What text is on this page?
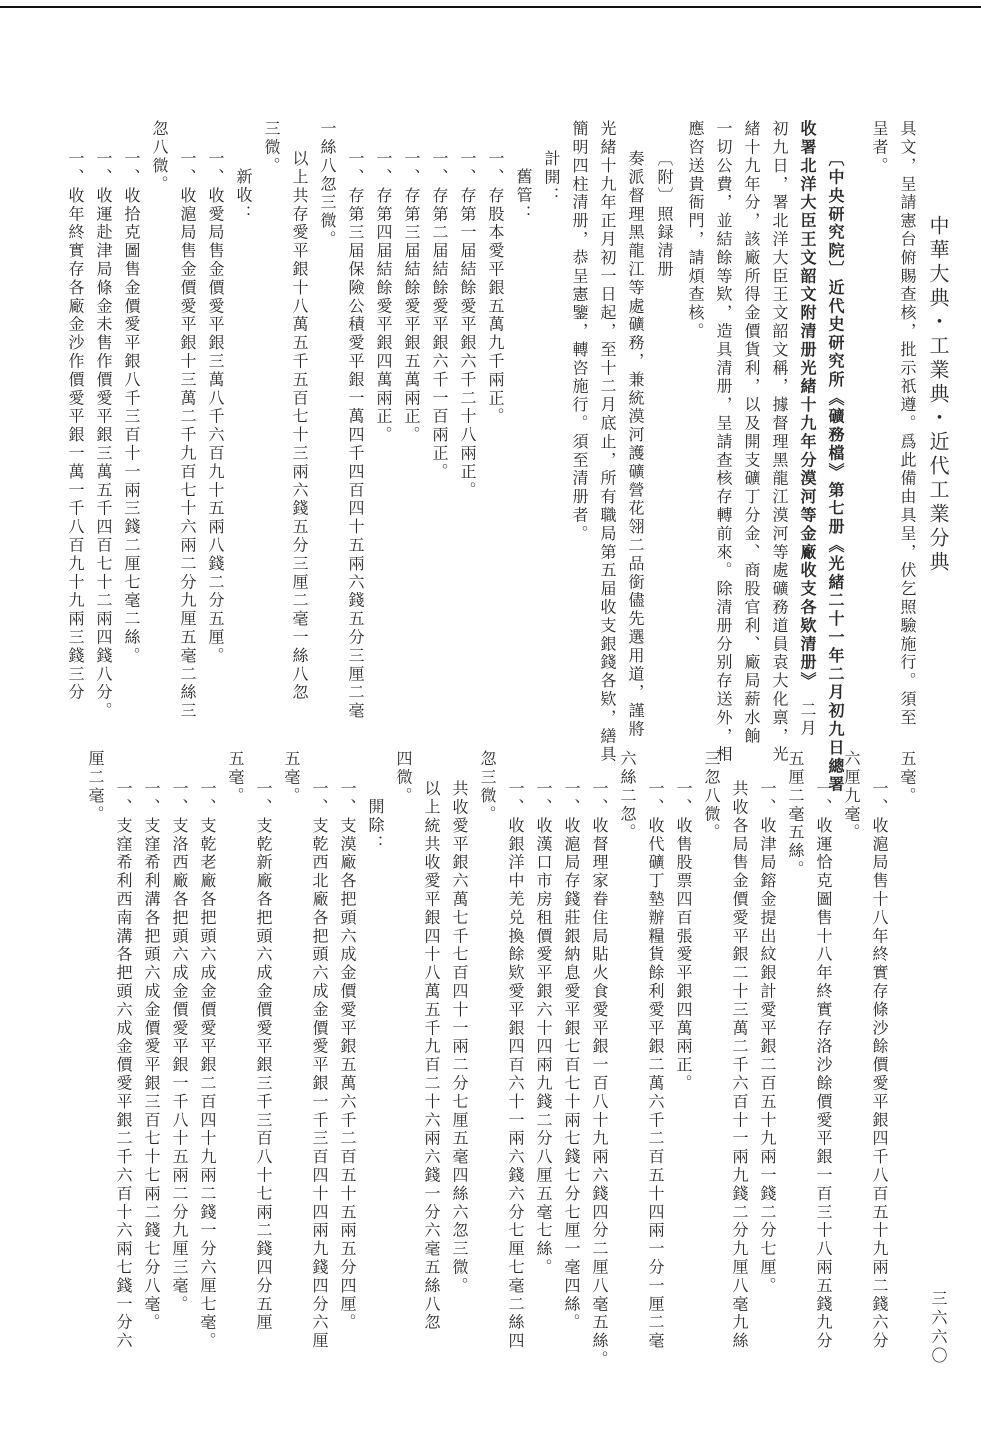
中華大典・工業典・近代工業分典
三六六〇
具文，呈請憲台俯賜查核，批示祇遵。爲此備由具呈，伏乞照驗施行。須至
呈者。
〔中央研究院〕近代史研究所《礦務檔》第七册《光緒二十一年二月初九日總署
收署北洋大臣王文韶文附清册光緒十九年分漠河等金廠收支各欵清册》　二月
初九日，署北洋大臣王文韶文稱，據督理黑龍江漠河等處礦務道員袁大化禀，光
緒十九年分，該廠所得金價貨利，以及開支礦丁分金、商股官利、廠局薪水餉
一切公費，並結餘等欵，造具清册，呈請查核存轉前來。除清册分别存送外，相
應咨送貴衙門，請煩查核。
〔附〕照録清册
奏派督理黑龍江等處礦務，兼統漠河護礦營花翎二品銜儘先選用道，謹將
光緒十九年正月初一日起，至十二月底止，所有職局第五届收支銀錢各欵，繕具
簡明四柱清册，恭呈憲鑒，轉咨施行。須至清册者。
計開：
舊管：
一、存股本愛平銀五萬九千兩正。
一、存第一届結餘愛平銀六千二十八兩正。
一、存第二届結餘愛平銀六千一百兩正。
一、存第三届結餘愛平銀五萬兩正。
一、存第四届結餘愛平銀四萬兩正。
一、存第三届保險公積愛平銀一萬四千四百四十五兩六錢五分三厘二毫
一絲八忽三微。
以上共存愛平銀十八萬五千五百七十三兩六錢五分三厘二毫一絲八忽
三微。
新收：
一、收愛局售金價愛平銀三萬八千六百九十五兩八錢二分五厘。
一、收滬局售金價愛平銀十三萬二千九百七十六兩二分九厘五毫二絲三
忽八微。
一、收拾克圖售金價愛平銀八千三百十一兩三錢二厘七毫二絲。
一、收運赴津局條金未售作價愛平銀三萬五千四百七十二兩四錢八分。
一、收年終實存各廠金沙作價愛平銀一萬一千八百九十九兩三錢三分
五毫。
一、收滬局售十八年終實存條沙餘價愛平銀四千八百五十九兩二錢六分
六厘九毫。
一、收運恰克圖售十八年終實存洛沙餘價愛平銀一百三十八兩五錢九分
五厘二毫五絲。
一、收津局鎔金提出紋銀計愛平銀二百五十九兩一錢二分七厘。
共收各局售金價愛平銀二十三萬二千六百十一兩九錢二分九厘八毫九絲
三忽八微。
一、收售股票四百張愛平銀四萬兩正。
一、收代礦丁墊辦糧貨餘利愛平銀二萬六千二百五十四兩一分一厘二毫
六絲二忽。
一、收督理家眷住局貼火食愛平銀一百八十九兩六錢四分二厘八毫五絲。
一、收滬局存錢莊銀納息愛平銀七百七十兩七錢七分七厘一毫四絲。
一、收漢口市房租價愛平銀六十四兩九錢二分八厘五毫七絲。
一、收銀洋中羌兑換餘欵愛平銀四百六十一兩六錢六分七厘七毫二絲四
忽三微。
共收愛平銀六萬七千七百四十一兩二分七厘五毫四絲六忽三微。
以上統共收愛平銀四十八萬五千九百二十六兩六錢一分六毫五絲八忽
四微。
開除：
一、支漠廠各把頭六成金價愛平銀五萬六千二百五十五兩五分四厘。
一、支乾西北廠各把頭六成金價愛平銀一千三百四十四兩九錢四分六厘
五毫。
一、支乾新廠各把頭六成金價愛平銀三千三百八十七兩二錢四分五厘
五毫。
一、支乾老廠各把頭六成金價愛平銀二百四十九兩二錢一分六厘七毫。
一、支洛西廠各把頭六成金價愛平銀一千八十五兩二分九厘三毫。
一、支窪希利溝各把頭六成金價愛平銀三百七十七兩二錢七分八毫。
一、支窪希利西南溝各把頭六成金價愛平銀二千六百十六兩七錢一分六
厘二毫。
